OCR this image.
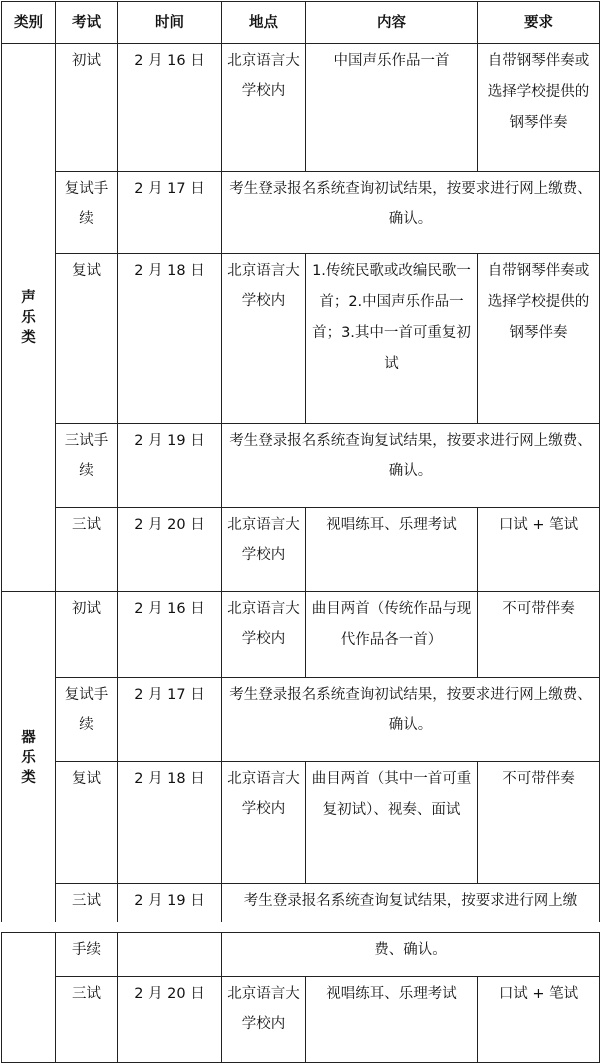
类别	考试	时间	地点	内容	要求

声乐类	初试	2 月 16 日	北京语言大学校内	中国声乐作品一首	自带钢琴伴奏或选择学校提供的钢琴伴奏
	复试手续	2 月 17 日	考生登录报名系统查询初试结果，按要求进行网上缴费、确认。		
	复试	2 月 18 日	北京语言大学校内	1.传统民歌或改编民歌一首；2.中国声乐作品一首；3.其中一首可重复初试	自带钢琴伴奏或选择学校提供的钢琴伴奏
	三试手续	2 月 19 日	考生登录报名系统查询复试结果，按要求进行网上缴费、确认。		
	三试	2 月 20 日	北京语言大学校内	视唱练耳、乐理考试	口试 + 笔试

器乐类	初试	2 月 16 日	北京语言大学校内	曲目两首（传统作品与现代作品各一首）	不可带伴奏
	复试手续	2 月 17 日	考生登录报名系统查询初试结果，按要求进行网上缴费、确认。		
	复试	2 月 18 日	北京语言大学校内	曲目两首（其中一首可重复初试）、视奏、面试	不可带伴奏
	三试	2 月 19 日	考生登录报名系统查询复试结果，按要求进行网上缴		
	手续		费、确认。		
	三试	2 月 20 日	北京语言大学校内	视唱练耳、乐理考试	口试 + 笔试
